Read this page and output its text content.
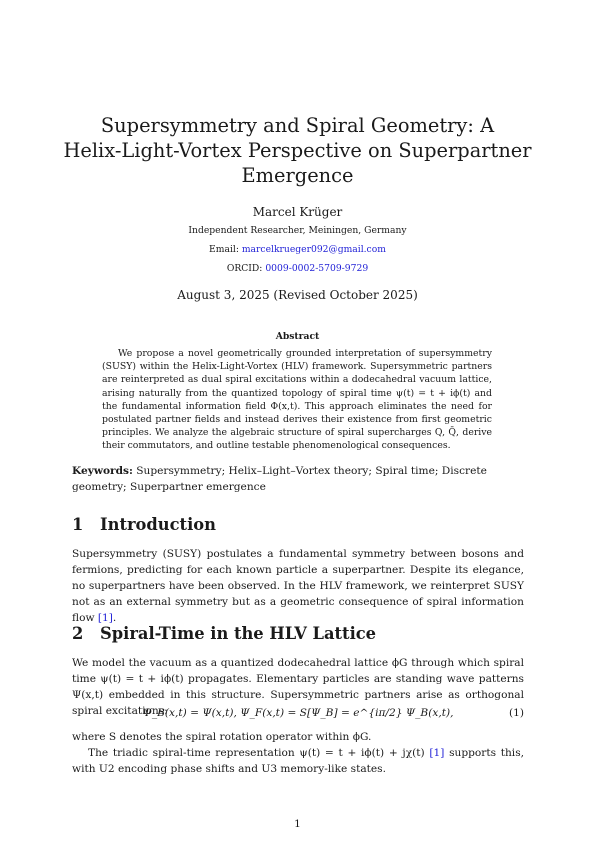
Supersymmetry and Spiral Geometry: A
Helix-Light-Vortex Perspective on Superpartner
Emergence
Marcel Krüger
Independent Researcher, Meiningen, Germany
Email: marcelkrueger092@gmail.com
ORCID: 0009-0002-5709-9729
August 3, 2025 (Revised October 2025)
Abstract

We propose a novel geometrically grounded interpretation of supersymmetry (SUSY) within the Helix-Light-Vortex (HLV) framework. Supersymmetric partners are reinterpreted as dual spiral excitations within a dodecahedral vacuum lattice, arising naturally from the quantized topology of spiral time ψ(t) = t + iϕ(t) and the fundamental information field Φ(x,t). This approach eliminates the need for postulated partner fields and instead derives their existence from first geometric principles. We analyze the algebraic structure of spiral supercharges Q, Q̄, derive their commutators, and outline testable phenomenological consequences.

Keywords: Supersymmetry; Helix–Light–Vortex theory; Spiral time; Discrete geometry; Superpartner emergence

1 Introduction

Supersymmetry (SUSY) postulates a fundamental symmetry between bosons and fermions, predicting for each known particle a superpartner. Despite its elegance, no superpartners have been observed. In the HLV framework, we reinterpret SUSY not as an external symmetry but as a geometric consequence of spiral information flow [1].

2 Spiral-Time in the HLV Lattice

We model the vacuum as a quantized dodecahedral lattice ϕG through which spiral time ψ(t) = t + iϕ(t) propagates. Elementary particles are standing wave patterns Ψ(x,t) embedded in this structure. Supersymmetric partners arise as orthogonal spiral excitations:

Ψ_B(x,t) = Ψ(x,t), Ψ_F(x,t) = S[Ψ_B] = e^{iπ/2} Ψ_B(x,t),	(1)

where S denotes the spiral rotation operator within ϕG.

The triadic spiral-time representation ψ(t) = t + iϕ(t) + jχ(t) [1] supports this, with U2 encoding phase shifts and U3 memory-like states.

1
